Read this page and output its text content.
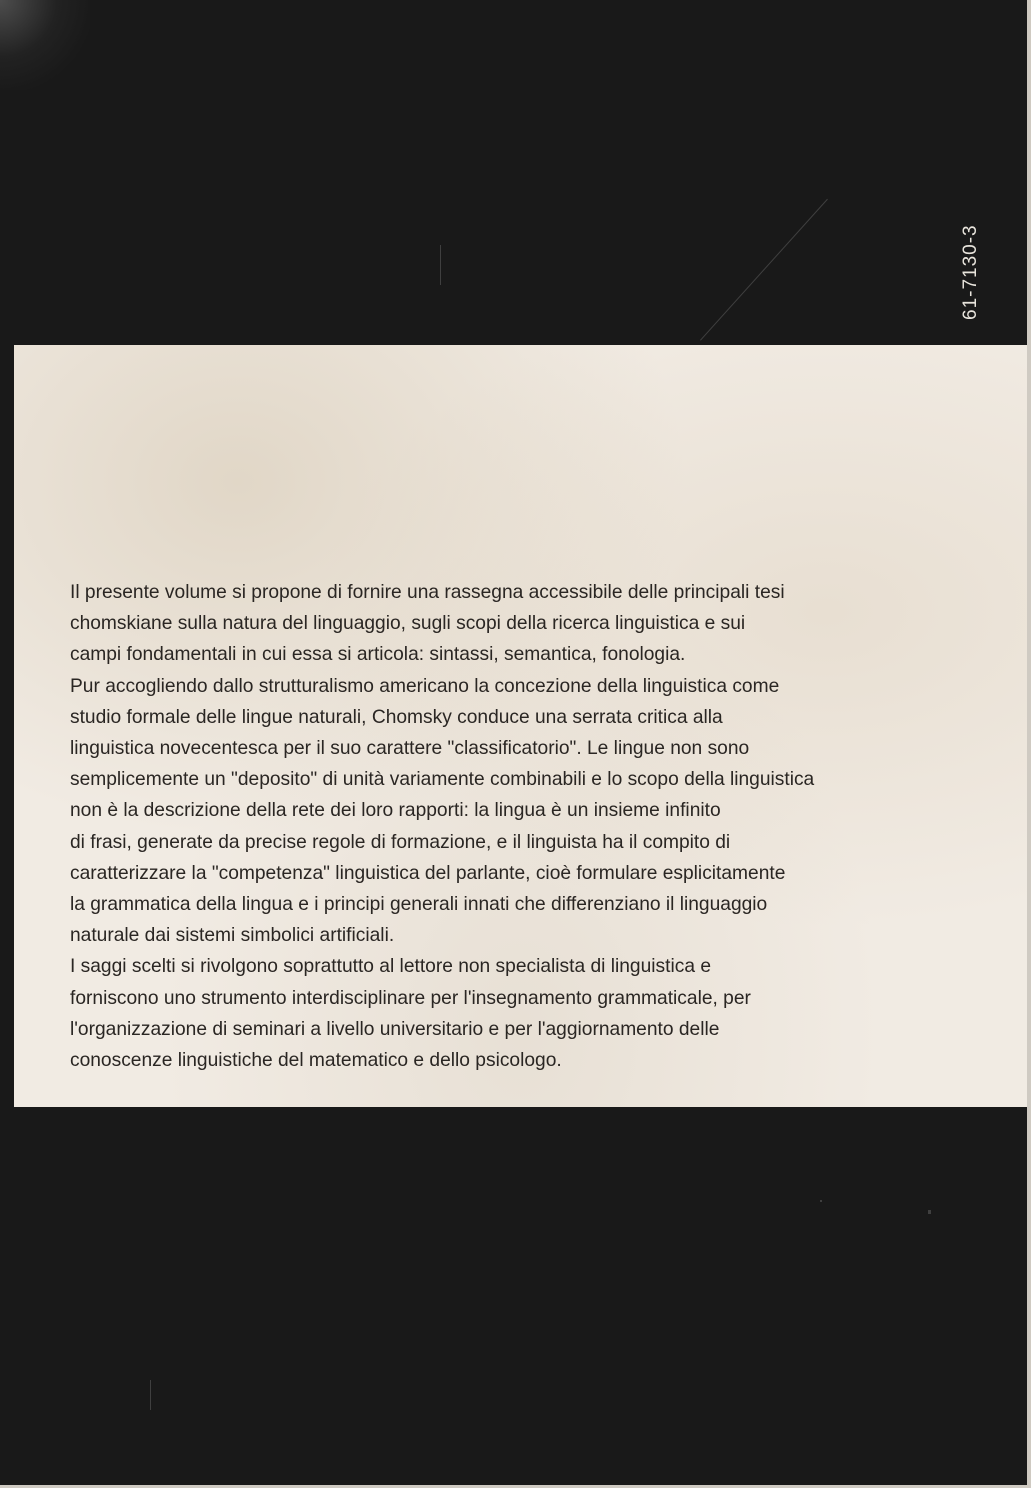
61-7130-3

Il presente volume si propone di fornire una rassegna accessibile delle principali tesi
chomskiane sulla natura del linguaggio, sugli scopi della ricerca linguistica e sui
campi fondamentali in cui essa si articola: sintassi, semantica, fonologia.

Pur accogliendo dallo strutturalismo americano la concezione della linguistica come
studio formale delle lingue naturali, Chomsky conduce una serrata critica alla
linguistica novecentesca per il suo carattere "classificatorio". Le lingue non sono
semplicemente un "deposito" di unità variamente combinabili e lo scopo della linguistica
non è la descrizione della rete dei loro rapporti: la lingua è un insieme infinito
di frasi, generate da precise regole di formazione, e il linguista ha il compito di
caratterizzare la "competenza" linguistica del parlante, cioè formulare esplicitamente
la grammatica della lingua e i principi generali innati che differenziano il linguaggio
naturale dai sistemi simbolici artificiali.

I saggi scelti si rivolgono soprattutto al lettore non specialista di linguistica e
forniscono uno strumento interdisciplinare per l'insegnamento grammaticale, per
l'organizzazione di seminari a livello universitario e per l'aggiornamento delle
conoscenze linguistiche del matematico e dello psicologo.
